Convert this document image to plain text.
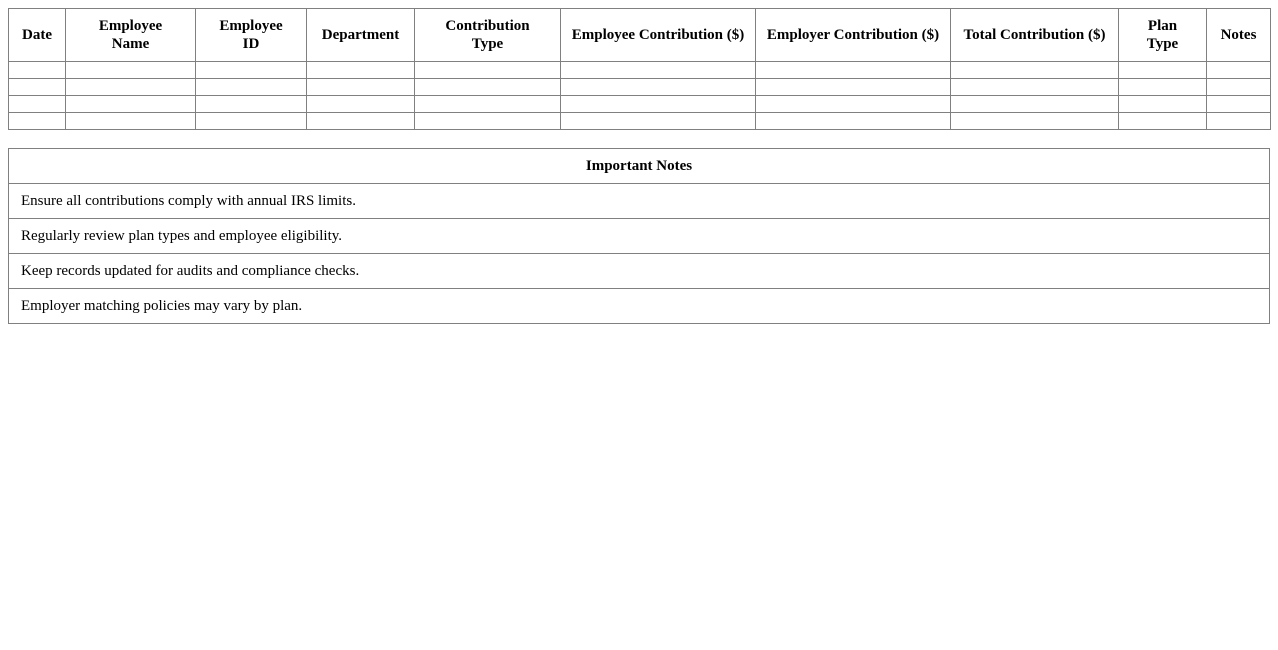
Date	Employee Name	Employee ID	Department	Contribution Type	Employee Contribution ($)	Employer Contribution ($)	Total Contribution ($)	Plan Type	Notes

Important Notes
Ensure all contributions comply with annual IRS limits.
Regularly review plan types and employee eligibility.
Keep records updated for audits and compliance checks.
Employer matching policies may vary by plan.
